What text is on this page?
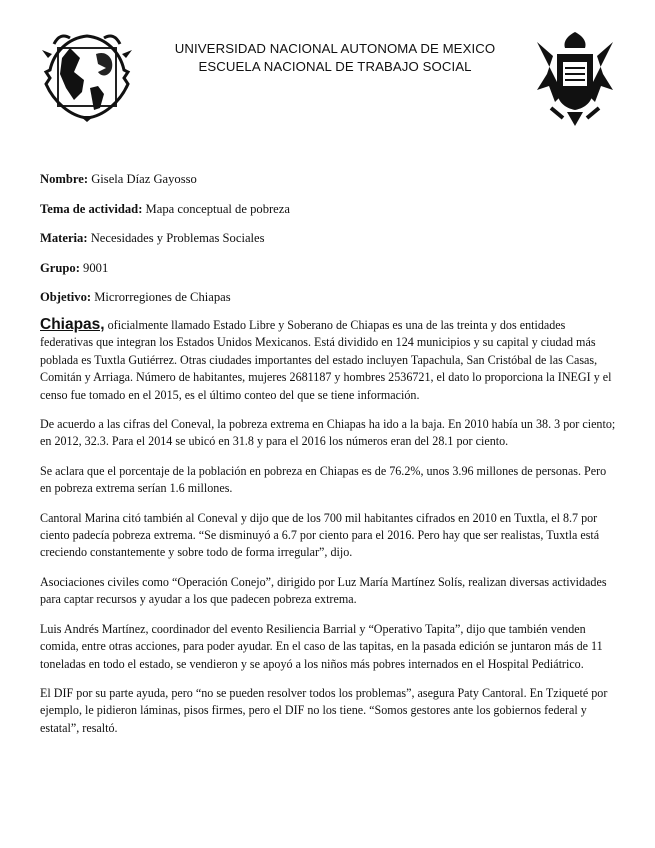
UNIVERSIDAD NACIONAL AUTONOMA DE MEXICO
ESCUELA NACIONAL DE TRABAJO SOCIAL

Nombre: Gisela Díaz Gayosso

Tema de actividad: Mapa conceptual de pobreza

Materia: Necesidades y Problemas Sociales

Grupo: 9001

Objetivo: Microrregiones de Chiapas

Chiapas, oficialmente llamado Estado Libre y Soberano de Chiapas es una de las treinta y dos entidades federativas que integran los Estados Unidos Mexicanos. Está dividido en 124 municipios y su capital y ciudad más poblada es Tuxtla Gutiérrez. Otras ciudades importantes del estado incluyen Tapachula, San Cristóbal de las Casas, Comitán y Arriaga. Número de habitantes, mujeres 2681187 y hombres 2536721, el dato lo proporciona la INEGI y el censo fue tomado en el 2015, es el último conteo del que se tiene información.

De acuerdo a las cifras del Coneval, la pobreza extrema en Chiapas ha ido a la baja. En 2010 había un 38. 3 por ciento; en 2012, 32.3. Para el 2014 se ubicó en 31.8 y para el 2016 los números eran del 28.1 por ciento.

Se aclara que el porcentaje de la población en pobreza en Chiapas es de 76.2%, unos 3.96 millones de personas. Pero en pobreza extrema serían 1.6 millones.

Cantoral Marina citó también al Coneval y dijo que de los 700 mil habitantes cifrados en 2010 en Tuxtla, el 8.7 por ciento padecía pobreza extrema. “Se disminuyó a 6.7 por ciento para el 2016. Pero hay que ser realistas, Tuxtla está creciendo constantemente y sobre todo de forma irregular”, dijo.

Asociaciones civiles como “Operación Conejo”, dirigido por Luz María Martínez Solís, realizan diversas actividades para captar recursos y ayudar a los que padecen pobreza extrema.

Luis Andrés Martínez, coordinador del evento Resiliencia Barrial y “Operativo Tapita”, dijo que también venden comida, entre otras acciones, para poder ayudar. En el caso de las tapitas, en la pasada edición se juntaron más de 11 toneladas en todo el estado, se vendieron y se apoyó a los niños más pobres internados en el Hospital Pediátrico.

El DIF por su parte ayuda, pero “no se pueden resolver todos los problemas”, asegura Paty Cantoral. En Tziqueté por ejemplo, le pidieron láminas, pisos firmes, pero el DIF no los tiene. “Somos gestores ante los gobiernos federal y estatal”, resaltó.
